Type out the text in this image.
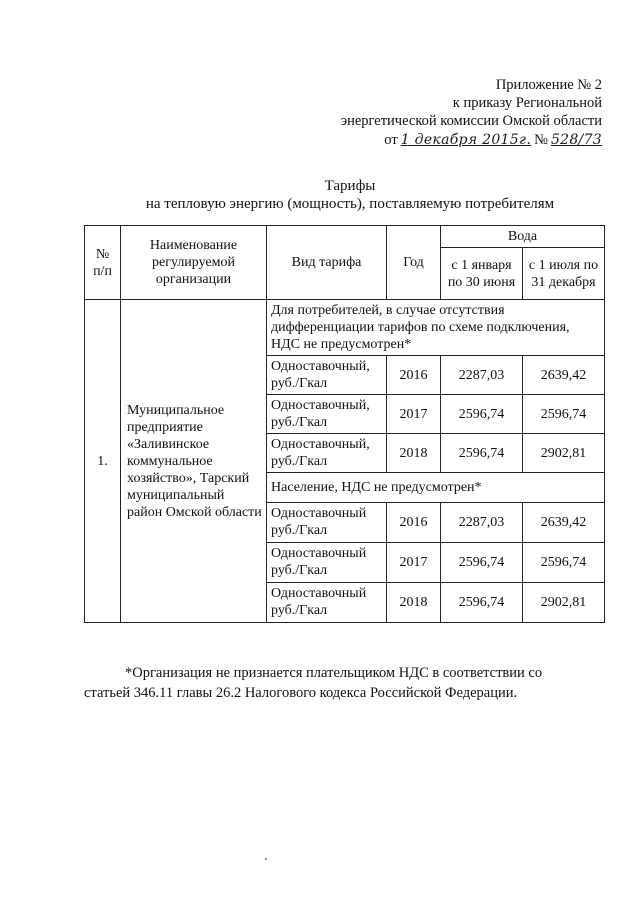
Приложение № 2
к приказу Региональной
энергетической комиссии Омской области
от 1 декабря 2015г. № 528/73
Тарифы
на тепловую энергию (мощность), поставляемую потребителям
№ п/п	Наименование регулируемой организации	Вид тарифа	Год	Вода	
				с 1 января по 30 июня	с 1 июля по 31 декабря
1.	Муниципальное предприятие «Заливинское коммунальное хозяйство», Тарский муниципальный район Омской области	Для потребителей, в случае отсутствия дифференциации тарифов по схеме подключения, НДС не предусмотрен*			
		Одноставочный, руб./Гкал	2016	2287,03	2639,42
		Одноставочный, руб./Гкал	2017	2596,74	2596,74
		Одноставочный, руб./Гкал	2018	2596,74	2902,81
		Население, НДС не предусмотрен*			
		Одноставочный руб./Гкал	2016	2287,03	2639,42
		Одноставочный руб./Гкал	2017	2596,74	2596,74
		Одноставочный руб./Гкал	2018	2596,74	2902,81
*Организация не признается плательщиком НДС в соответствии со
статьей 346.11 главы 26.2 Налогового кодекса Российской Федерации.
